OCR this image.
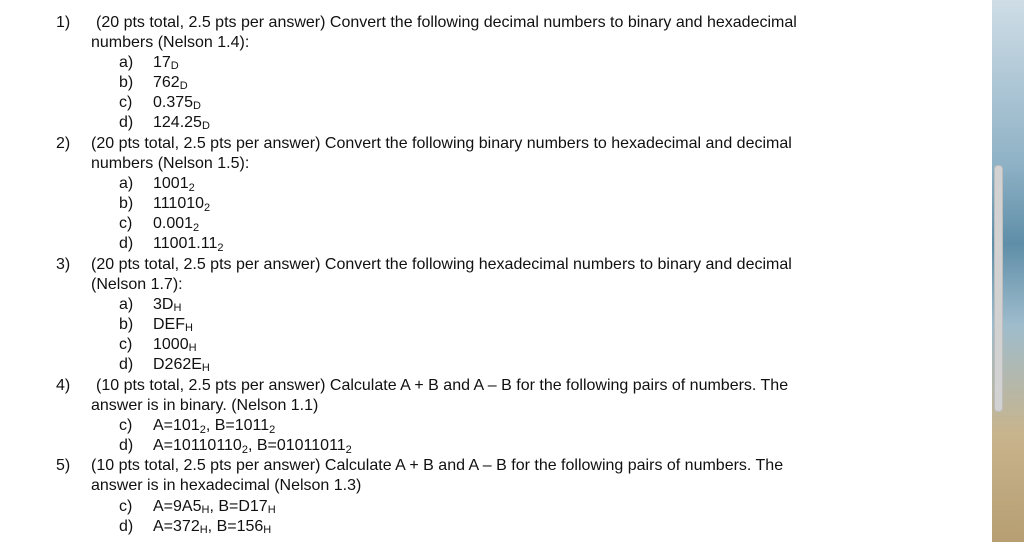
1) (20 pts total, 2.5 pts per answer) Convert the following decimal numbers to binary and hexadecimal
numbers (Nelson 1.4):
a) 17D
b) 762D
c) 0.375D
d) 124.25D
2) (20 pts total, 2.5 pts per answer) Convert the following binary numbers to hexadecimal and decimal
numbers (Nelson 1.5):
a) 10012
b) 1110102
c) 0.0012
d) 11001.112
3) (20 pts total, 2.5 pts per answer) Convert the following hexadecimal numbers to binary and decimal
(Nelson 1.7):
a) 3DH
b) DEFH
c) 1000H
d) D262EH
4) (10 pts total, 2.5 pts per answer) Calculate A + B and A – B for the following pairs of numbers. The
answer is in binary. (Nelson 1.1)
c) A=1012, B=10112
d) A=101101102, B=010110112
5) (10 pts total, 2.5 pts per answer) Calculate A + B and A – B for the following pairs of numbers. The
answer is in hexadecimal (Nelson 1.3)
c) A=9A5H, B=D17H
d) A=372H, B=156H
